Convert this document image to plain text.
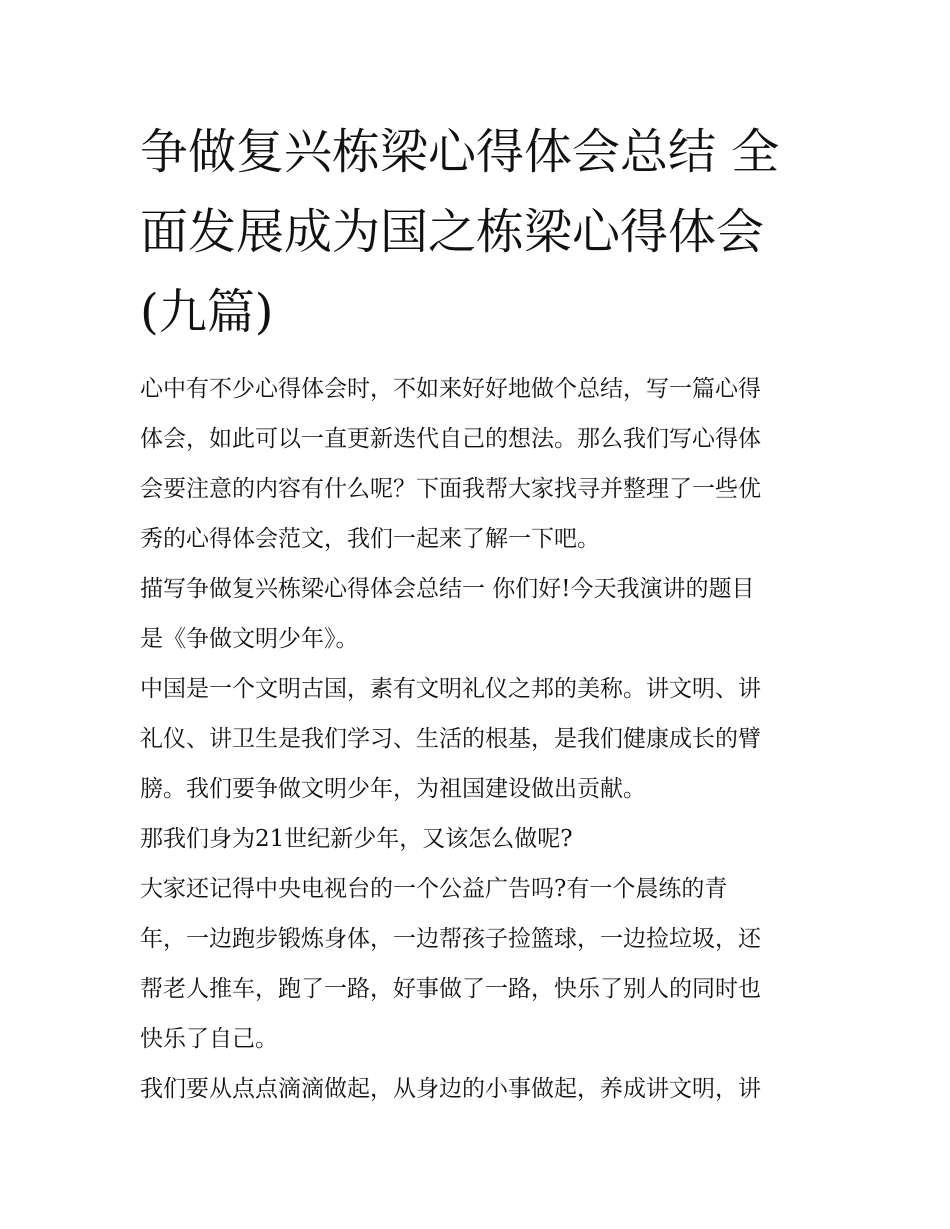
争做复兴栋梁心得体会总结 全
面发展成为国之栋梁心得体会
(九篇)

心中有不少心得体会时，不如来好好地做个总结，写一篇心得
体会，如此可以一直更新迭代自己的想法。那么我们写心得体
会要注意的内容有什么呢？下面我帮大家找寻并整理了一些优
秀的心得体会范文，我们一起来了解一下吧。

描写争做复兴栋梁心得体会总结一 你们好!今天我演讲的题目
是《争做文明少年》。

中国是一个文明古国，素有文明礼仪之邦的美称。讲文明、讲
礼仪、讲卫生是我们学习、生活的根基，是我们健康成长的臂
膀。我们要争做文明少年，为祖国建设做出贡献。

那我们身为21世纪新少年，又该怎么做呢?

大家还记得中央电视台的一个公益广告吗?有一个晨练的青
年，一边跑步锻炼身体，一边帮孩子捡篮球，一边捡垃圾，还
帮老人推车，跑了一路，好事做了一路，快乐了别人的同时也
快乐了自己。

我们要从点点滴滴做起，从身边的小事做起，养成讲文明，讲
